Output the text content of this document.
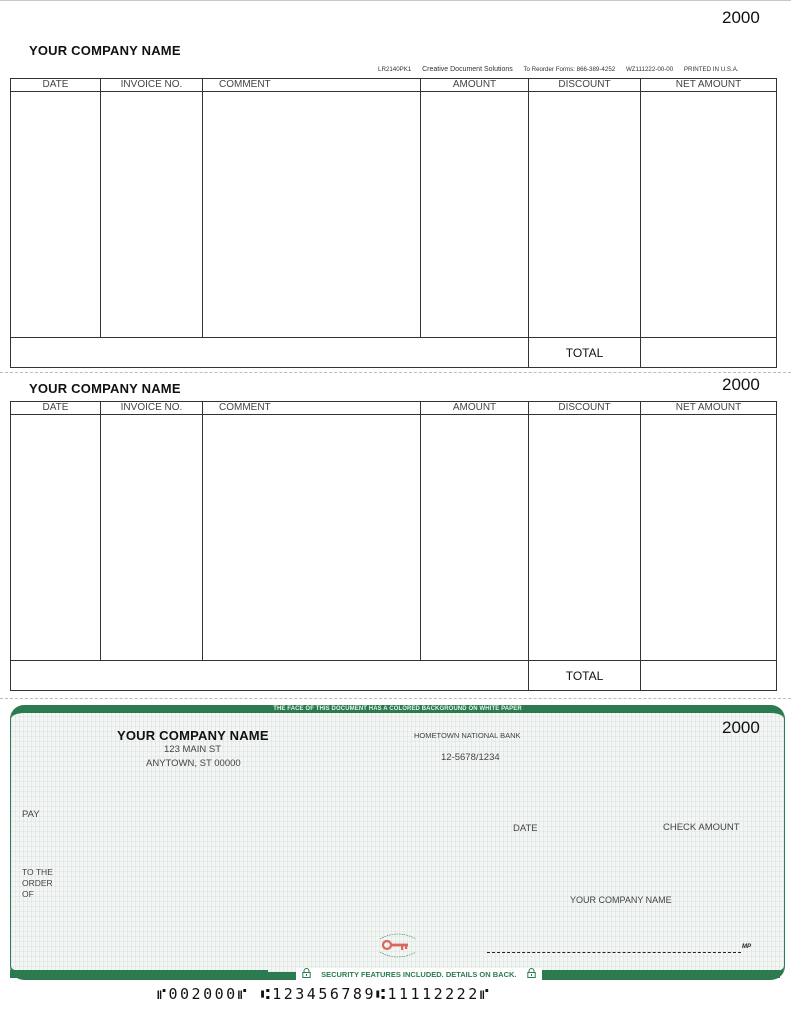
2000
YOUR COMPANY NAME
LR2140PK1 Creative Document Solutions To Reorder Forms: 866-389-4252 WZ111222-00-00 PRINTED IN U.S.A.
DATE	INVOICE NO.	COMMENT	AMOUNT	DISCOUNT	NET AMOUNT

				TOTAL	
2000
YOUR COMPANY NAME
DATE	INVOICE NO.	COMMENT	AMOUNT	DISCOUNT	NET AMOUNT

				TOTAL	
THE FACE OF THIS DOCUMENT HAS A COLORED BACKGROUND ON WHITE PAPER
2000
YOUR COMPANY NAME
123 MAIN ST
ANYTOWN, ST 00000
HOMETOWN NATIONAL BANK
12-5678/1234
PAY
DATE	CHECK AMOUNT
TO THE
ORDER
OF
YOUR COMPANY NAME
MP
SECURITY FEATURES INCLUDED. DETAILS ON BACK.
⑈002000⑈ ⑆123456789⑆11112222⑈
